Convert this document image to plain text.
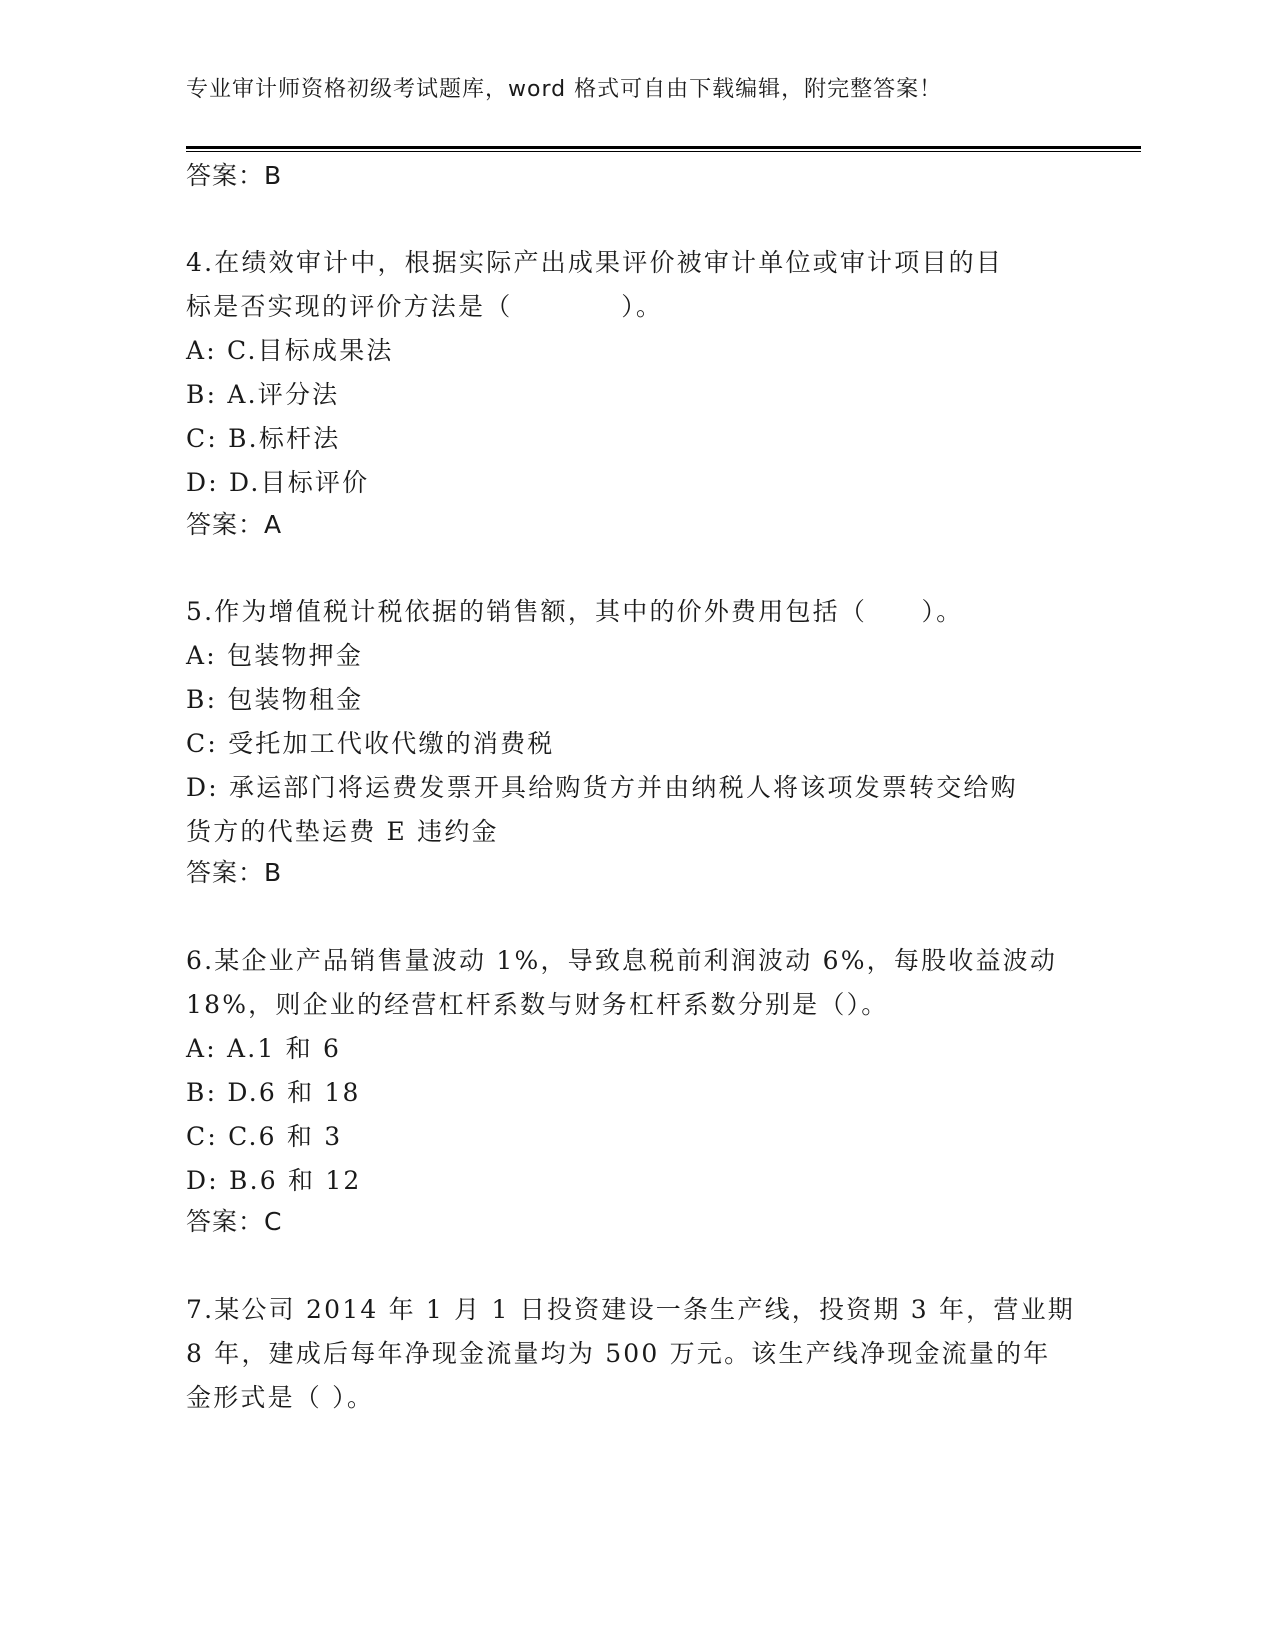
专业审计师资格初级考试题库，word 格式可自由下载编辑，附完整答案！
答案：B
4.在绩效审计中，根据实际产出成果评价被审计单位或审计项目的目
标是否实现的评价方法是（　　　　）。
A: C.目标成果法
B: A.评分法
C: B.标杆法
D: D.目标评价
答案：A
5.作为增值税计税依据的销售额，其中的价外费用包括（　　）。
A: 包装物押金
B: 包装物租金
C: 受托加工代收代缴的消费税
D: 承运部门将运费发票开具给购货方并由纳税人将该项发票转交给购
货方的代垫运费 E 违约金
答案：B
6.某企业产品销售量波动 1%，导致息税前利润波动 6%，每股收益波动
18%，则企业的经营杠杆系数与财务杠杆系数分别是（）。
A: A.1 和 6
B: D.6 和 18
C: C.6 和 3
D: B.6 和 12
答案：C
7.某公司 2014 年 1 月 1 日投资建设一条生产线，投资期 3 年，营业期
8 年，建成后每年净现金流量均为 500 万元。该生产线净现金流量的年
金形式是（ ）。
